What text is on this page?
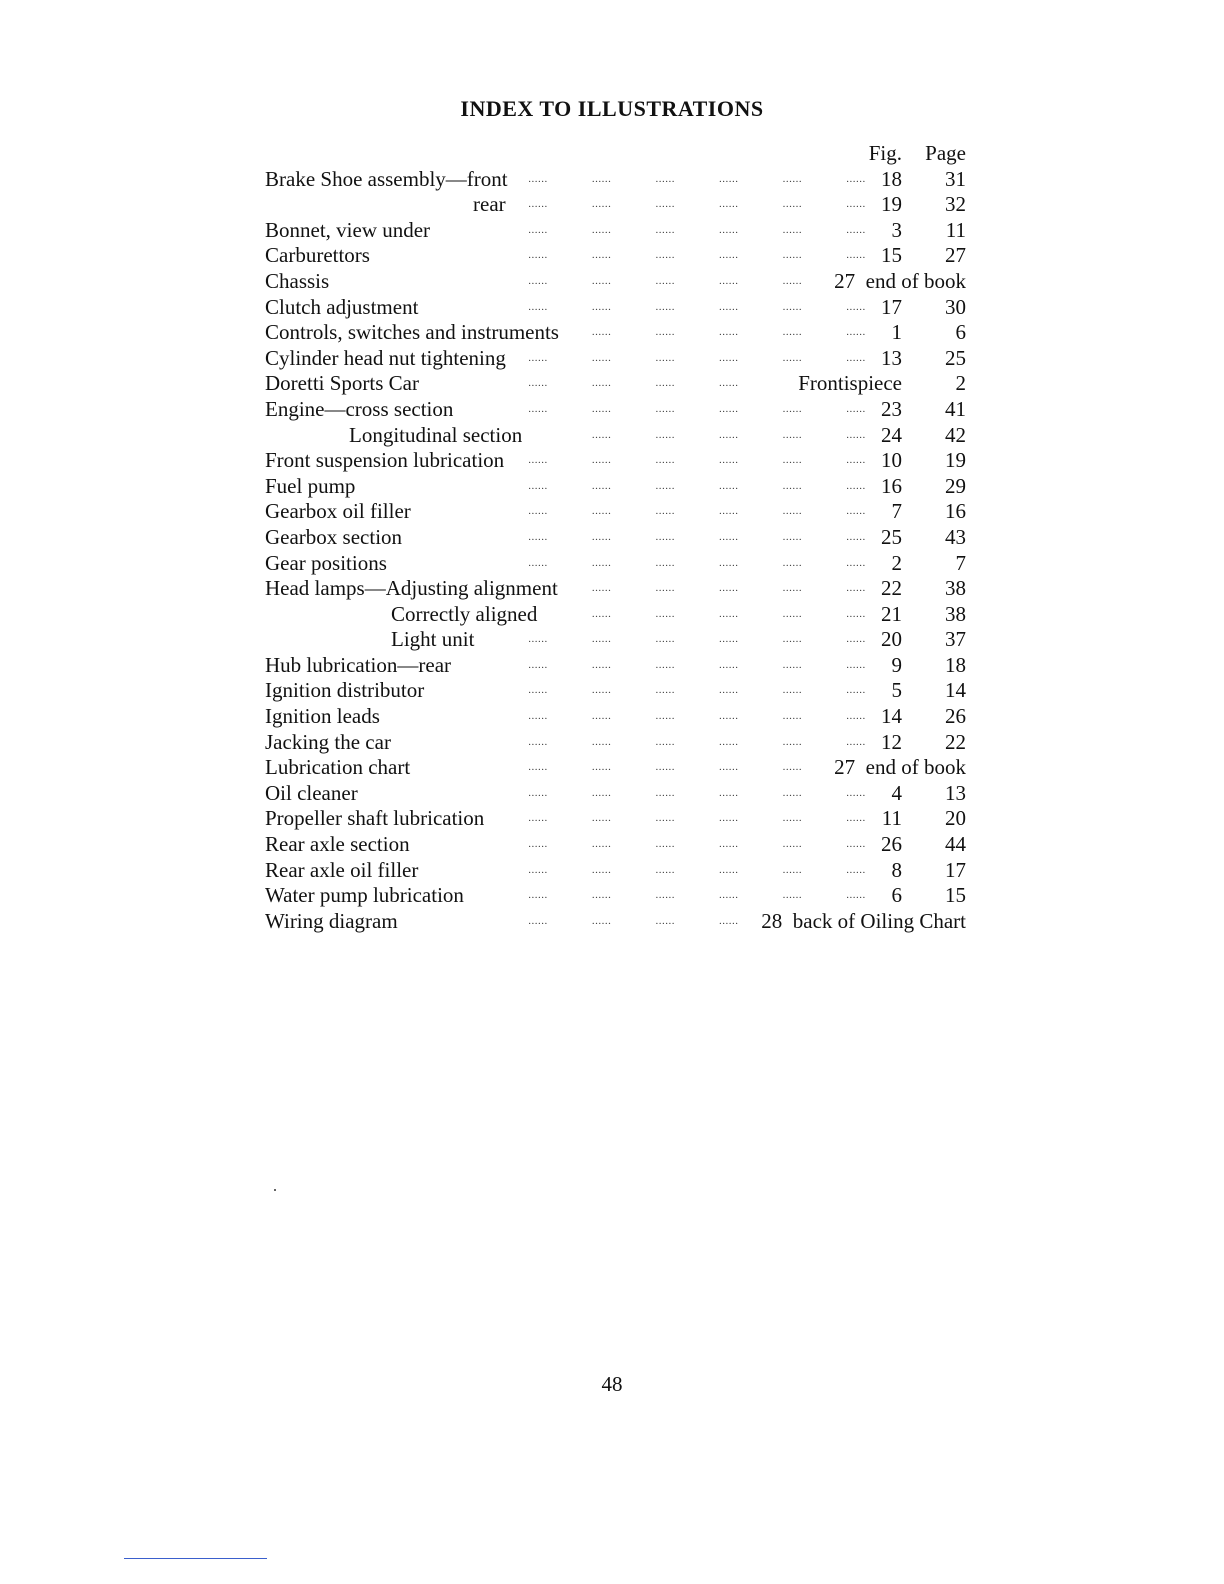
INDEX TO ILLUSTRATIONS
Fig. Page
Brake Shoe assembly—front ......	......	......	......	......	...... 18 31
rear ......	......	......	......	......	...... 19 32
Bonnet, view under	......	......	......	......	......	...... 3 11
Carburettors	......	......	......	......	......	...... 15 27
Chassis	......	......	......	......	...... 27  end of book
Clutch adjustment	......	......	......	......	......	...... 17 30
Controls, switches and instruments	......	......	......	......	...... 1	6
Cylinder head nut tightening ......	......	......	......	......	...... 13 25
Doretti Sports Car	......	......	......	......	Frontispiece	2
Engine—cross section	......	......	......	......	......	...... 23 41
Longitudinal section	......	......	......	......	...... 24 42
Front suspension lubrication ......	......	......	......	......	...... 10 19
Fuel pump	......	......	......	......	......	...... 16 29
Gearbox oil filler	......	......	......	......	......	...... 7 16
Gearbox section	......	......	......	......	......	...... 25 43
Gear positions	......	......	......	......	......	...... 2	7
Head lamps—Adjusting alignment	......	......	......	......	...... 22 38
Correctly aligned	......	......	......	......	...... 21 38
Light unit	......	......	......	......	......	...... 20 37
Hub lubrication—rear	......	......	......	......	......	...... 9 18
Ignition distributor	......	......	......	......	......	...... 5 14
Ignition leads	......	......	......	......	......	...... 14 26
Jacking the car	......	......	......	......	......	...... 12 22
Lubrication chart	......	......	......	......	...... 27  end of book
Oil cleaner	......	......	......	......	......	...... 4 13
Propeller shaft lubrication	......	......	......	......	......	...... 11 20
Rear axle section	......	......	......	......	......	...... 26 44
Rear axle oil filler	......	......	......	......	......	...... 8 17
Water pump lubrication	......	......	......	......	......	...... 6 15
Wiring diagram	......	......	......	...... 28  back of Oiling Chart
48
